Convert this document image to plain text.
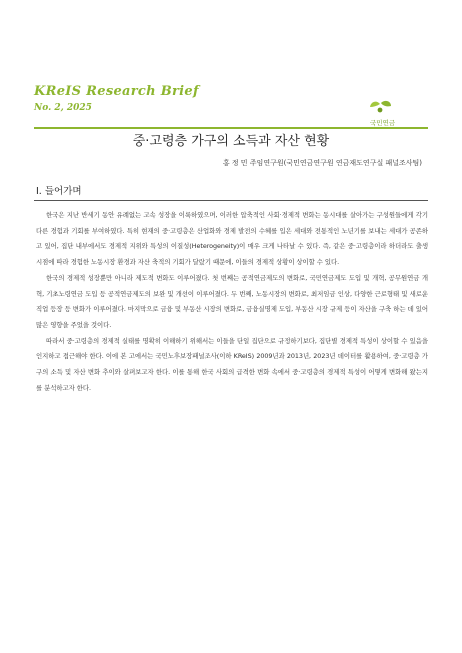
KReIS Research Brief
No. 2, 2025
국민연금
중·고령층 가구의 소득과 자산 현황
홍 정 민 주임연구원(국민연금연구원 연금재도연구실 패널조사팀)
Ⅰ. 들어가며

한국은 지난 반세기 동안 유례없는 고속 성장을 이룩하였으며, 이러한 압축적인 사회·경제적 변화는 동시대를 살아가는 구성원들에게 각기 다른 경험과 기회를 부여하였다. 특히 현재의 중·고령층은 산업화와 경제 발전의 수혜를 입은 세대와 전통적인 노년기를 보내는 세대가 공존하고 있어, 집단 내부에서도 경제적 지위와 특성의 이질성(Heterogeneity)이 매우 크게 나타날 수 있다. 즉, 같은 중·고령층이라 하더라도 출생 시점에 따라 경험한 노동시장 환경과 자산 축적의 기회가 달랐기 때문에, 이들의 경제적 상황이 상이할 수 있다.

한국의 경제적 성장뿐만 아니라 제도적 변화도 이루어졌다. 첫 번째는 공적연금제도의 변화로, 국민연금제도 도입 및 개혁, 공무원연금 개혁, 기초노령연금 도입 등 공적연금제도의 보완 및 개선이 이루어졌다. 두 번째, 노동시장의 변화로, 최저임금 인상, 다양한 근로형태 및 새로운 직업 등장 등 변화가 이루어졌다. 마지막으로 금융 및 부동산 시장의 변화로, 금융실명제 도입, 부동산 시장 규제 등이 자산을 구축 하는 데 있어 많은 영향을 주었을 것이다.

따라서 중·고령층의 경제적 실태를 명확히 이해하기 위해서는 이들을 단일 집단으로 규정하기보다, 집단별 경제적 특성이 상이할 수 있음을 인지하고 접근해야 한다. 이에 본 고에서는 국민노후보장패널조사(이하 KReIS) 2009년과 2013년, 2023년 데이터를 활용하여, 중·고령층 가구의 소득 및 자산 변화 추이와 살펴보고자 한다. 이를 통해 한국 사회의 급격한 변화 속에서 중·고령층의 경제적 특성이 어떻게 변화해 왔는지를 분석하고자 한다.
